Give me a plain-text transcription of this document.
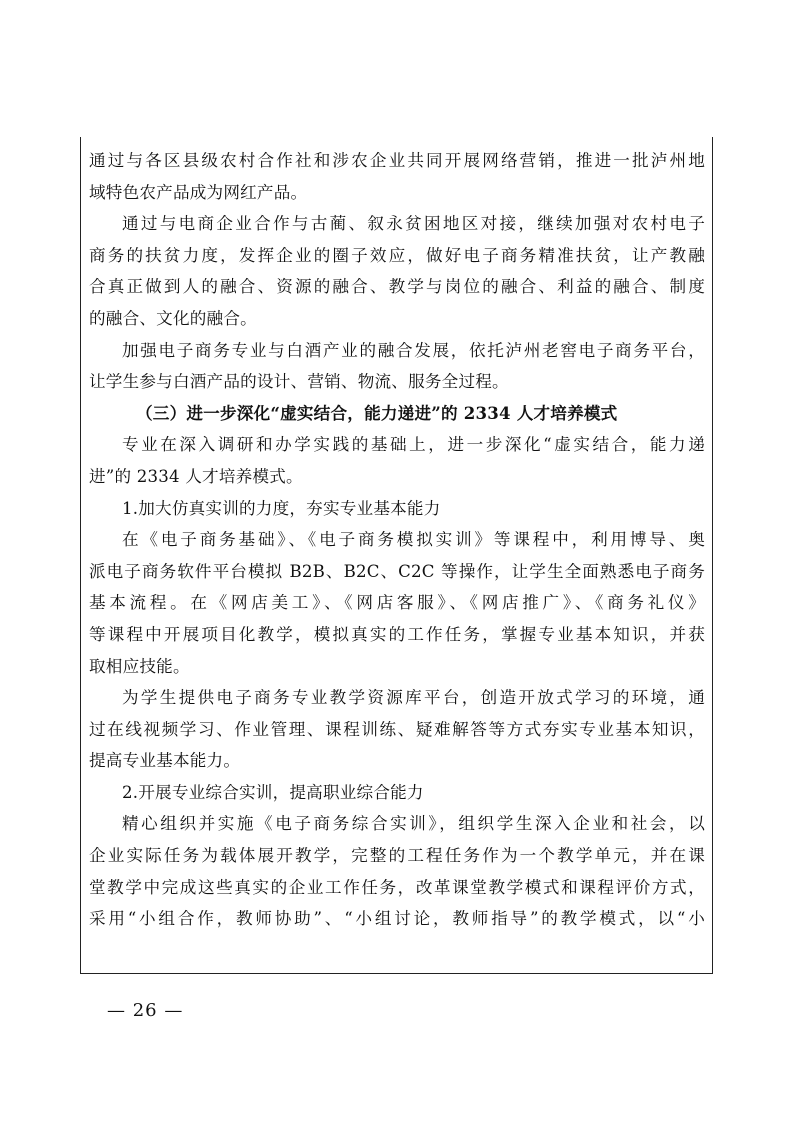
通过与各区县级农村合作社和涉农企业共同开展网络营销，推进一批泸州地
域特色农产品成为网红产品。
通过与电商企业合作与古蔺、叙永贫困地区对接，继续加强对农村电子
商务的扶贫力度，发挥企业的圈子效应，做好电子商务精准扶贫，让产教融
合真正做到人的融合、资源的融合、教学与岗位的融合、利益的融合、制度
的融合、文化的融合。
加强电子商务专业与白酒产业的融合发展，依托泸州老窖电子商务平台，
让学生参与白酒产品的设计、营销、物流、服务全过程。
（三）进一步深化“虚实结合，能力递进”的 2334 人才培养模式
专业在深入调研和办学实践的基础上，进一步深化“虚实结合，能力递
进”的 2334 人才培养模式。
1.加大仿真实训的力度，夯实专业基本能力
在《电子商务基础》、《电子商务模拟实训》等课程中，利用博导、奥
派电子商务软件平台模拟 B2B、B2C、C2C 等操作，让学生全面熟悉电子商务
基本流程。在《网店美工》、《网店客服》、《网店推广》、《商务礼仪》
等课程中开展项目化教学，模拟真实的工作任务，掌握专业基本知识，并获
取相应技能。
为学生提供电子商务专业教学资源库平台，创造开放式学习的环境，通
过在线视频学习、作业管理、课程训练、疑难解答等方式夯实专业基本知识，
提高专业基本能力。
2.开展专业综合实训，提高职业综合能力
精心组织并实施《电子商务综合实训》，组织学生深入企业和社会，以
企业实际任务为载体展开教学，完整的工程任务作为一个教学单元，并在课
堂教学中完成这些真实的企业工作任务，改革课堂教学模式和课程评价方式，
采用“小组合作，教师协助”、“小组讨论，教师指导”的教学模式，以“小
— 26 —
